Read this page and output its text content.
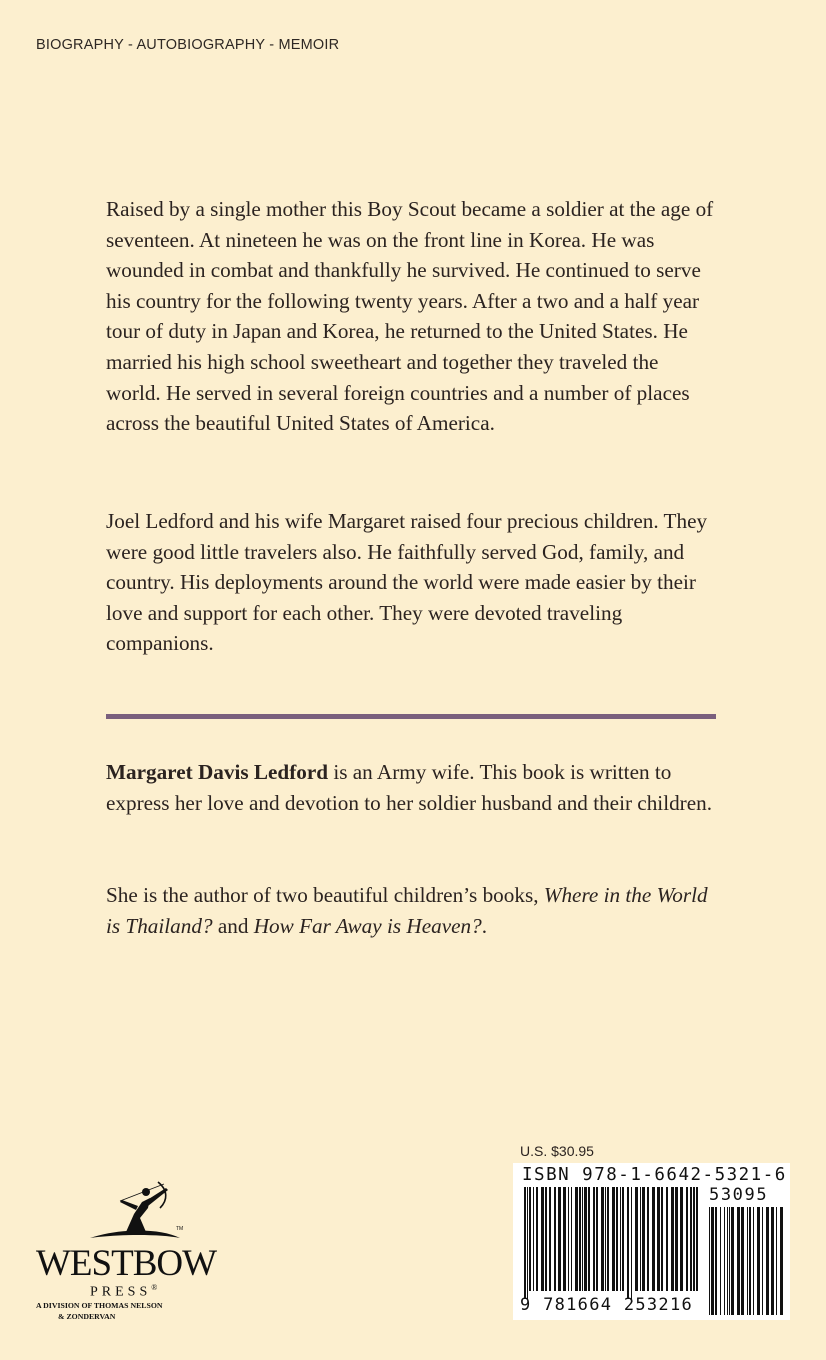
BIOGRAPHY - AUTOBIOGRAPHY - MEMOIR

Raised by a single mother this Boy Scout became a soldier at the age of seventeen. At nineteen he was on the front line in Korea. He was wounded in combat and thankfully he survived. He continued to serve his country for the following twenty years. After a two and a half year tour of duty in Japan and Korea, he returned to the United States. He married his high school sweetheart and together they traveled the world. He served in several foreign countries and a number of places across the beautiful United States of America.

Joel Ledford and his wife Margaret raised four precious children. They were good little travelers also. He faithfully served God, family, and country. His deployments around the world were made easier by their love and support for each other. They were devoted traveling companions.

Margaret Davis Ledford is an Army wife. This book is written to express her love and devotion to her soldier husband and their children.

She is the author of two beautiful children’s books, Where in the World is Thailand? and How Far Away is Heaven?.

U.S. $30.95
ISBN 978-1-6642-5321-6
53095
9 781664 253216
TM
WESTBOW
PRESS®
A DIVISION OF THOMAS NELSON
& ZONDERVAN
